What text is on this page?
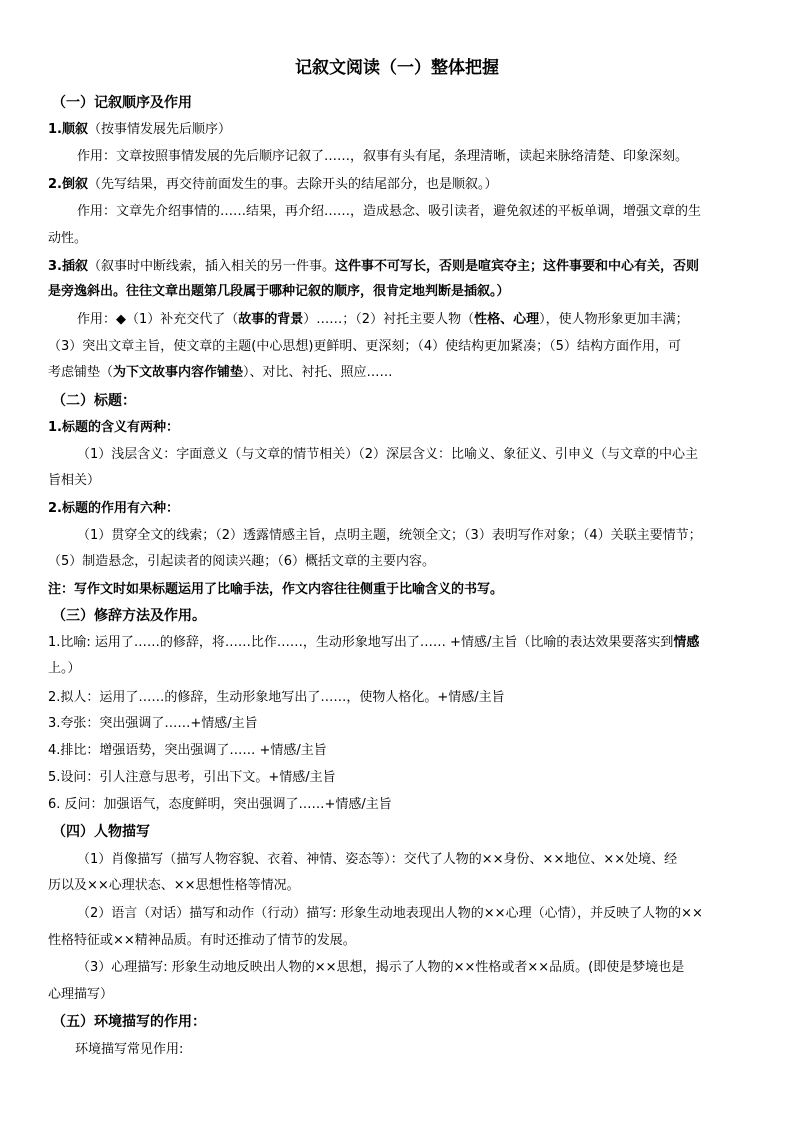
记叙文阅读（一）整体把握
（一）记叙顺序及作用
1.顺叙（按事情发展先后顺序）
作用：文章按照事情发展的先后顺序记叙了……，叙事有头有尾，条理清晰，读起来脉络清楚、印象深刻。
2.倒叙（先写结果，再交待前面发生的事。去除开头的结尾部分，也是顺叙。）
作用：文章先介绍事情的……结果，再介绍……，造成悬念、吸引读者，避免叙述的平板单调，增强文章的生
动性。
3.插叙（叙事时中断线索，插入相关的另一件事。这件事不可写长，否则是喧宾夺主；这件事要和中心有关，否则
是旁逸斜出。往往文章出题第几段属于哪种记叙的顺序，很肯定地判断是插叙。）
作用：◆（1）补充交代了（故事的背景）……；（2）衬托主要人物（性格、心理），使人物形象更加丰满；
（3）突出文章主旨，使文章的主题(中心思想)更鲜明、更深刻；（4）使结构更加紧凑；（5）结构方面作用，可
考虑铺垫（为下文故事内容作铺垫）、对比、衬托、照应……
（二）标题：
1.标题的含义有两种：
（1）浅层含义：字面意义（与文章的情节相关）（2）深层含义：比喻义、象征义、引申义（与文章的中心主
旨相关）
2.标题的作用有六种：
（1）贯穿全文的线索；（2）透露情感主旨，点明主题，统领全文；（3）表明写作对象；（4）关联主要情节；
（5）制造悬念，引起读者的阅读兴趣；（6）概括文章的主要内容。
注：写作文时如果标题运用了比喻手法，作文内容往往侧重于比喻含义的书写。
（三）修辞方法及作用。
1.比喻: 运用了……的修辞，将……比作……，生动形象地写出了…… +情感/主旨（比喻的表达效果要落实到情感
上。）
2.拟人：运用了……的修辞，生动形象地写出了……，使物人格化。+情感/主旨
3.夸张：突出强调了……+情感/主旨
4.排比：增强语势，突出强调了…… +情感/主旨
5.设问：引人注意与思考，引出下文。+情感/主旨
6. 反问：加强语气，态度鲜明，突出强调了……+情感/主旨
（四）人物描写
（1）肖像描写（描写人物容貌、衣着、神情、姿态等）：交代了人物的××身份、××地位、××处境、经
历以及××心理状态、××思想性格等情况。
（2）语言（对话）描写和动作（行动）描写: 形象生动地表现出人物的××心理（心情），并反映了人物的××
性格特征或××精神品质。有时还推动了情节的发展。
（3）心理描写: 形象生动地反映出人物的××思想，揭示了人物的××性格或者××品质。(即使是梦境也是
心理描写）
（五）环境描写的作用：
环境描写常见作用:
